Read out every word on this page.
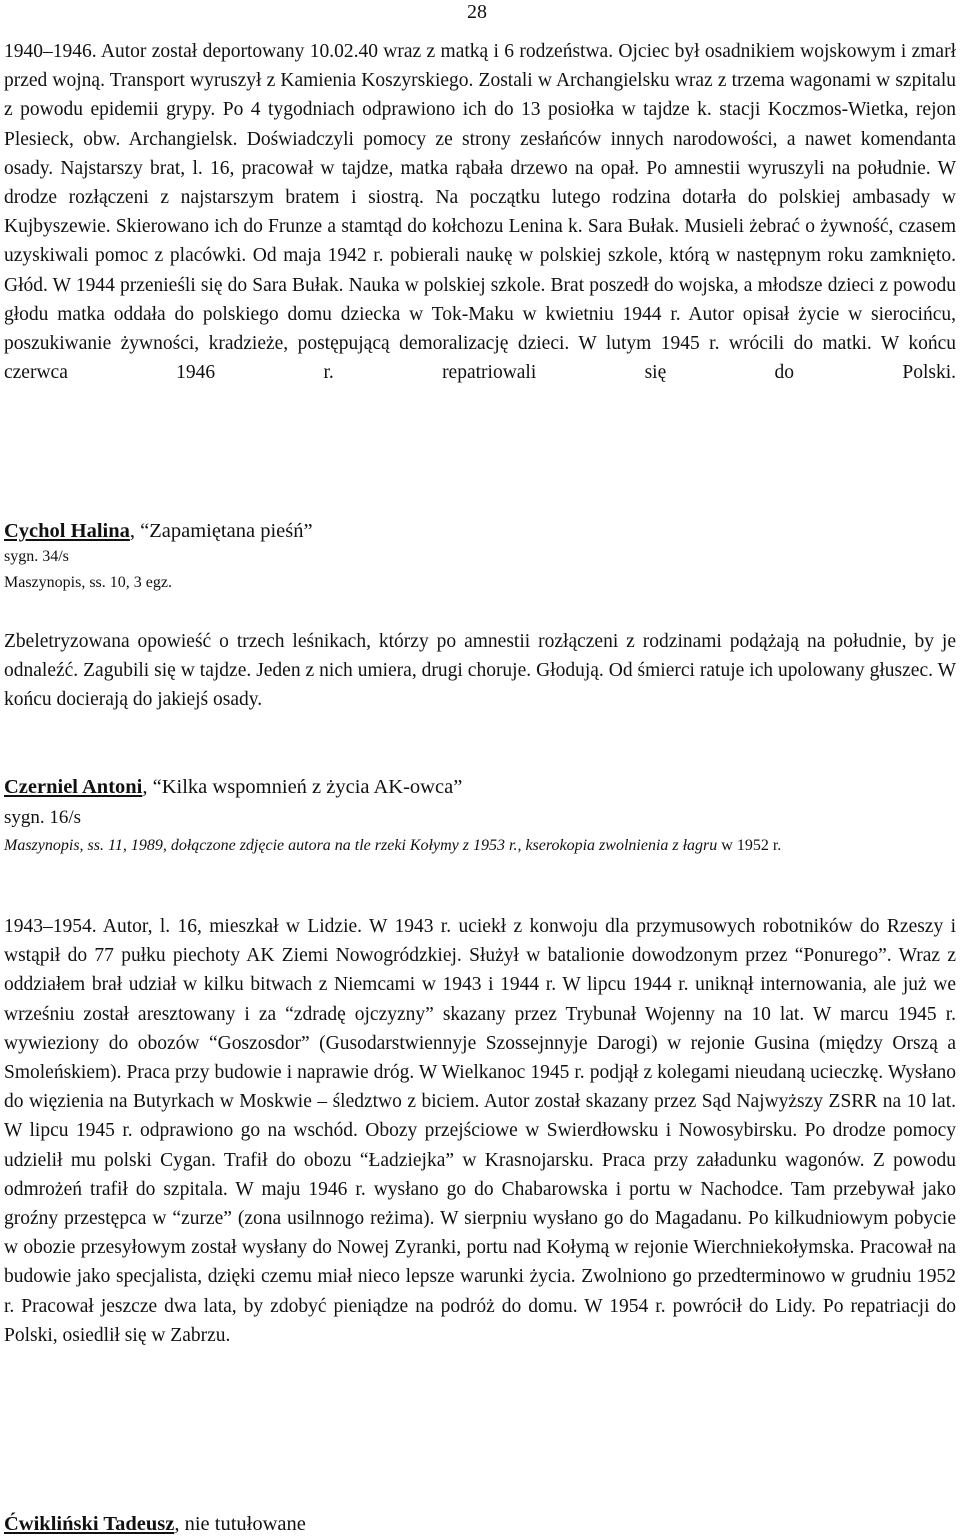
28

1940–1946. Autor został deportowany 10.02.40 wraz z matką i 6 rodzeństwa. Ojciec był osadnikiem wojskowym i zmarł przed wojną. Transport wyruszył z Kamienia Koszyrskiego. Zostali w Archangielsku wraz z trzema wagonami w szpitalu z powodu epidemii grypy. Po 4 tygodniach odprawiono ich do 13 posiołka w tajdze k. stacji Koczmos-Wietka, rejon Plesieck, obw. Archangielsk. Doświadczyli pomocy ze strony zesłańców innych narodowości, a nawet komendanta osady. Najstarszy brat, l. 16, pracował w tajdze, matka rąbała drzewo na opał. Po amnestii wyruszyli na południe. W drodze rozłączeni z najstarszym bratem i siostrą. Na początku lutego rodzina dotarła do polskiej ambasady w Kujbyszewie. Skierowano ich do Frunze a stamtąd do kołchozu Lenina k. Sara Bułak. Musieli żebrać o żywność, czasem uzyskiwali pomoc z placówki. Od maja 1942 r. pobierali naukę w polskiej szkole, którą w następnym roku zamknięto. Głód. W 1944 przenieśli się do Sara Bułak. Nauka w polskiej szkole. Brat poszedł do wojska, a młodsze dzieci z powodu głodu matka oddała do polskiego domu dziecka w Tok-Maku w kwietniu 1944 r. Autor opisał życie w sierocińcu, poszukiwanie żywności, kradzieże, postępującą demoralizację dzieci. W lutym 1945 r. wrócili do matki. W końcu czerwca 1946 r. repatriowali się do Polski.

Cychol Halina, “Zapamiętana pieśń”
sygn. 34/s
Maszynopis, ss. 10, 3 egz.

Zbeletryzowana opowieść o trzech leśnikach, którzy po amnestii rozłączeni z rodzinami podążają na południe, by je odnaleźć. Zagubili się w tajdze. Jeden z nich umiera, drugi choruje. Głodują. Od śmierci ratuje ich upolowany głuszec. W końcu docierają do jakiejś osady.

Czerniel Antoni, “Kilka wspomnień z życia AK-owca”
sygn. 16/s

Maszynopis, ss. 11, 1989, dołączone zdjęcie autora na tle rzeki Kołymy z 1953 r., kserokopia zwolnienia z łagru w 1952 r.

1943–1954. Autor, l. 16, mieszkał w Lidzie. W 1943 r. uciekł z konwoju dla przymusowych robotników do Rzeszy i wstąpił do 77 pułku piechoty AK Ziemi Nowogródzkiej. Służył w batalionie dowodzonym przez “Ponurego”. Wraz z oddziałem brał udział w kilku bitwach z Niemcami w 1943 i 1944 r. W lipcu 1944 r. uniknął internowania, ale już we wrześniu został aresztowany i za “zdradę ojczyzny” skazany przez Trybunał Wojenny na 10 lat. W marcu 1945 r. wywieziony do obozów “Goszosdor” (Gusodarstwiennyje Szossejnnyje Darogi) w rejonie Gusina (między Orszą a Smoleńskiem). Praca przy budowie i naprawie dróg. W Wielkanoc 1945 r. podjął z kolegami nieudaną ucieczkę. Wysłano do więzienia na Butyrkach w Moskwie – śledztwo z biciem. Autor został skazany przez Sąd Najwyższy ZSRR na 10 lat. W lipcu 1945 r. odprawiono go na wschód. Obozy przejściowe w Swierdłowsku i Nowosybirsku. Po drodze pomocy udzielił mu polski Cygan. Trafił do obozu “Ładziejka” w Krasnojarsku. Praca przy załadunku wagonów. Z powodu odmrożeń trafił do szpitala. W maju 1946 r. wysłano go do Chabarowska i portu w Nachodce. Tam przebywał jako groźny przestępca w “zurze” (zona usilnnogo reżima). W sierpniu wysłano go do Magadanu. Po kilkudniowym pobycie w obozie przesyłowym został wysłany do Nowej Zyranki, portu nad Kołymą w rejonie Wierchniekołymska. Pracował na budowie jako specjalista, dzięki czemu miał nieco lepsze warunki życia. Zwolniono go przedterminowo w grudniu 1952 r. Pracował jeszcze dwa lata, by zdobyć pieniądze na podróż do domu. W 1954 r. powrócił do Lidy. Po repatriacji do Polski, osiedlił się w Zabrzu.

Ćwikliński Tadeusz, nie tutułowane
